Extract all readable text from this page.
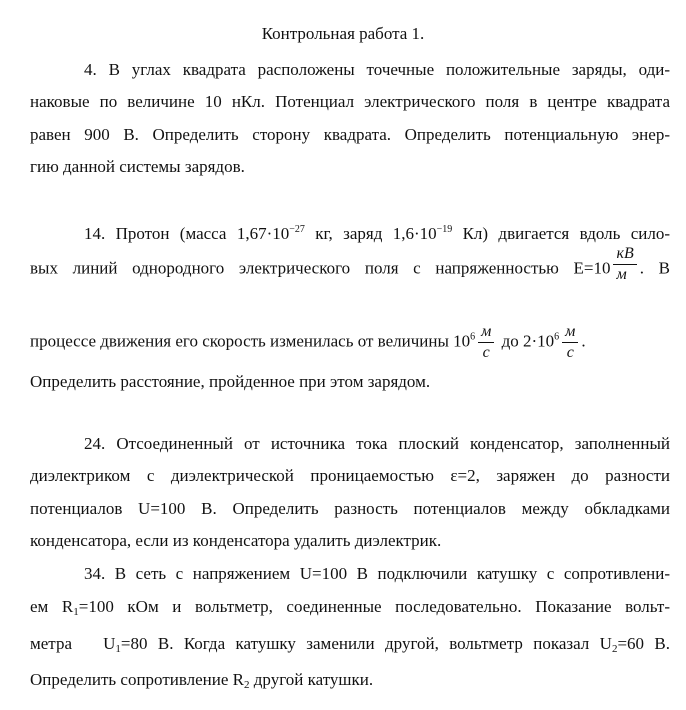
Контрольная работа 1.
4. В углах квадрата расположены точечные положительные заряды, оди-
наковые по величине 10 нКл. Потенциал электрического поля в центре квадрата
равен 900 В. Определить сторону квадрата. Определить потенциальную энер-
гию данной системы зарядов.
14. Протон (масса $1,67\cdot 10^{-27}$ кг, заряд $1,6\cdot 10^{-19}$ Кл) двигается вдоль сило-
вых линий однородного электрического поля с напряженностью $E=10 \frac{кВ}{м}$ . В
процессе движения его скорость изменилась от величины $10^6 \frac{м}{с}$ до $2\cdot 10^6 \frac{м}{с}$ .
Определить расстояние, пройденное при этом зарядом.
24. Отсоединенный от источника тока плоский конденсатор, заполненный
диэлектриком с диэлектрической проницаемостью ε=2, заряжен до разности
потенциалов U=100 В. Определить разность потенциалов между обкладками
конденсатора, если из конденсатора удалить диэлектрик.
34. В сеть с напряжением U=100 В подключили катушку с сопротивлени-
ем $R_1=100$ кОм и вольтметр, соединенные последовательно. Показание вольт-
метра   $U_1=80$ В. Когда катушку заменили другой, вольтметр показал $U_2=60$ В.
Определить сопротивление $R_2$ другой катушки.
